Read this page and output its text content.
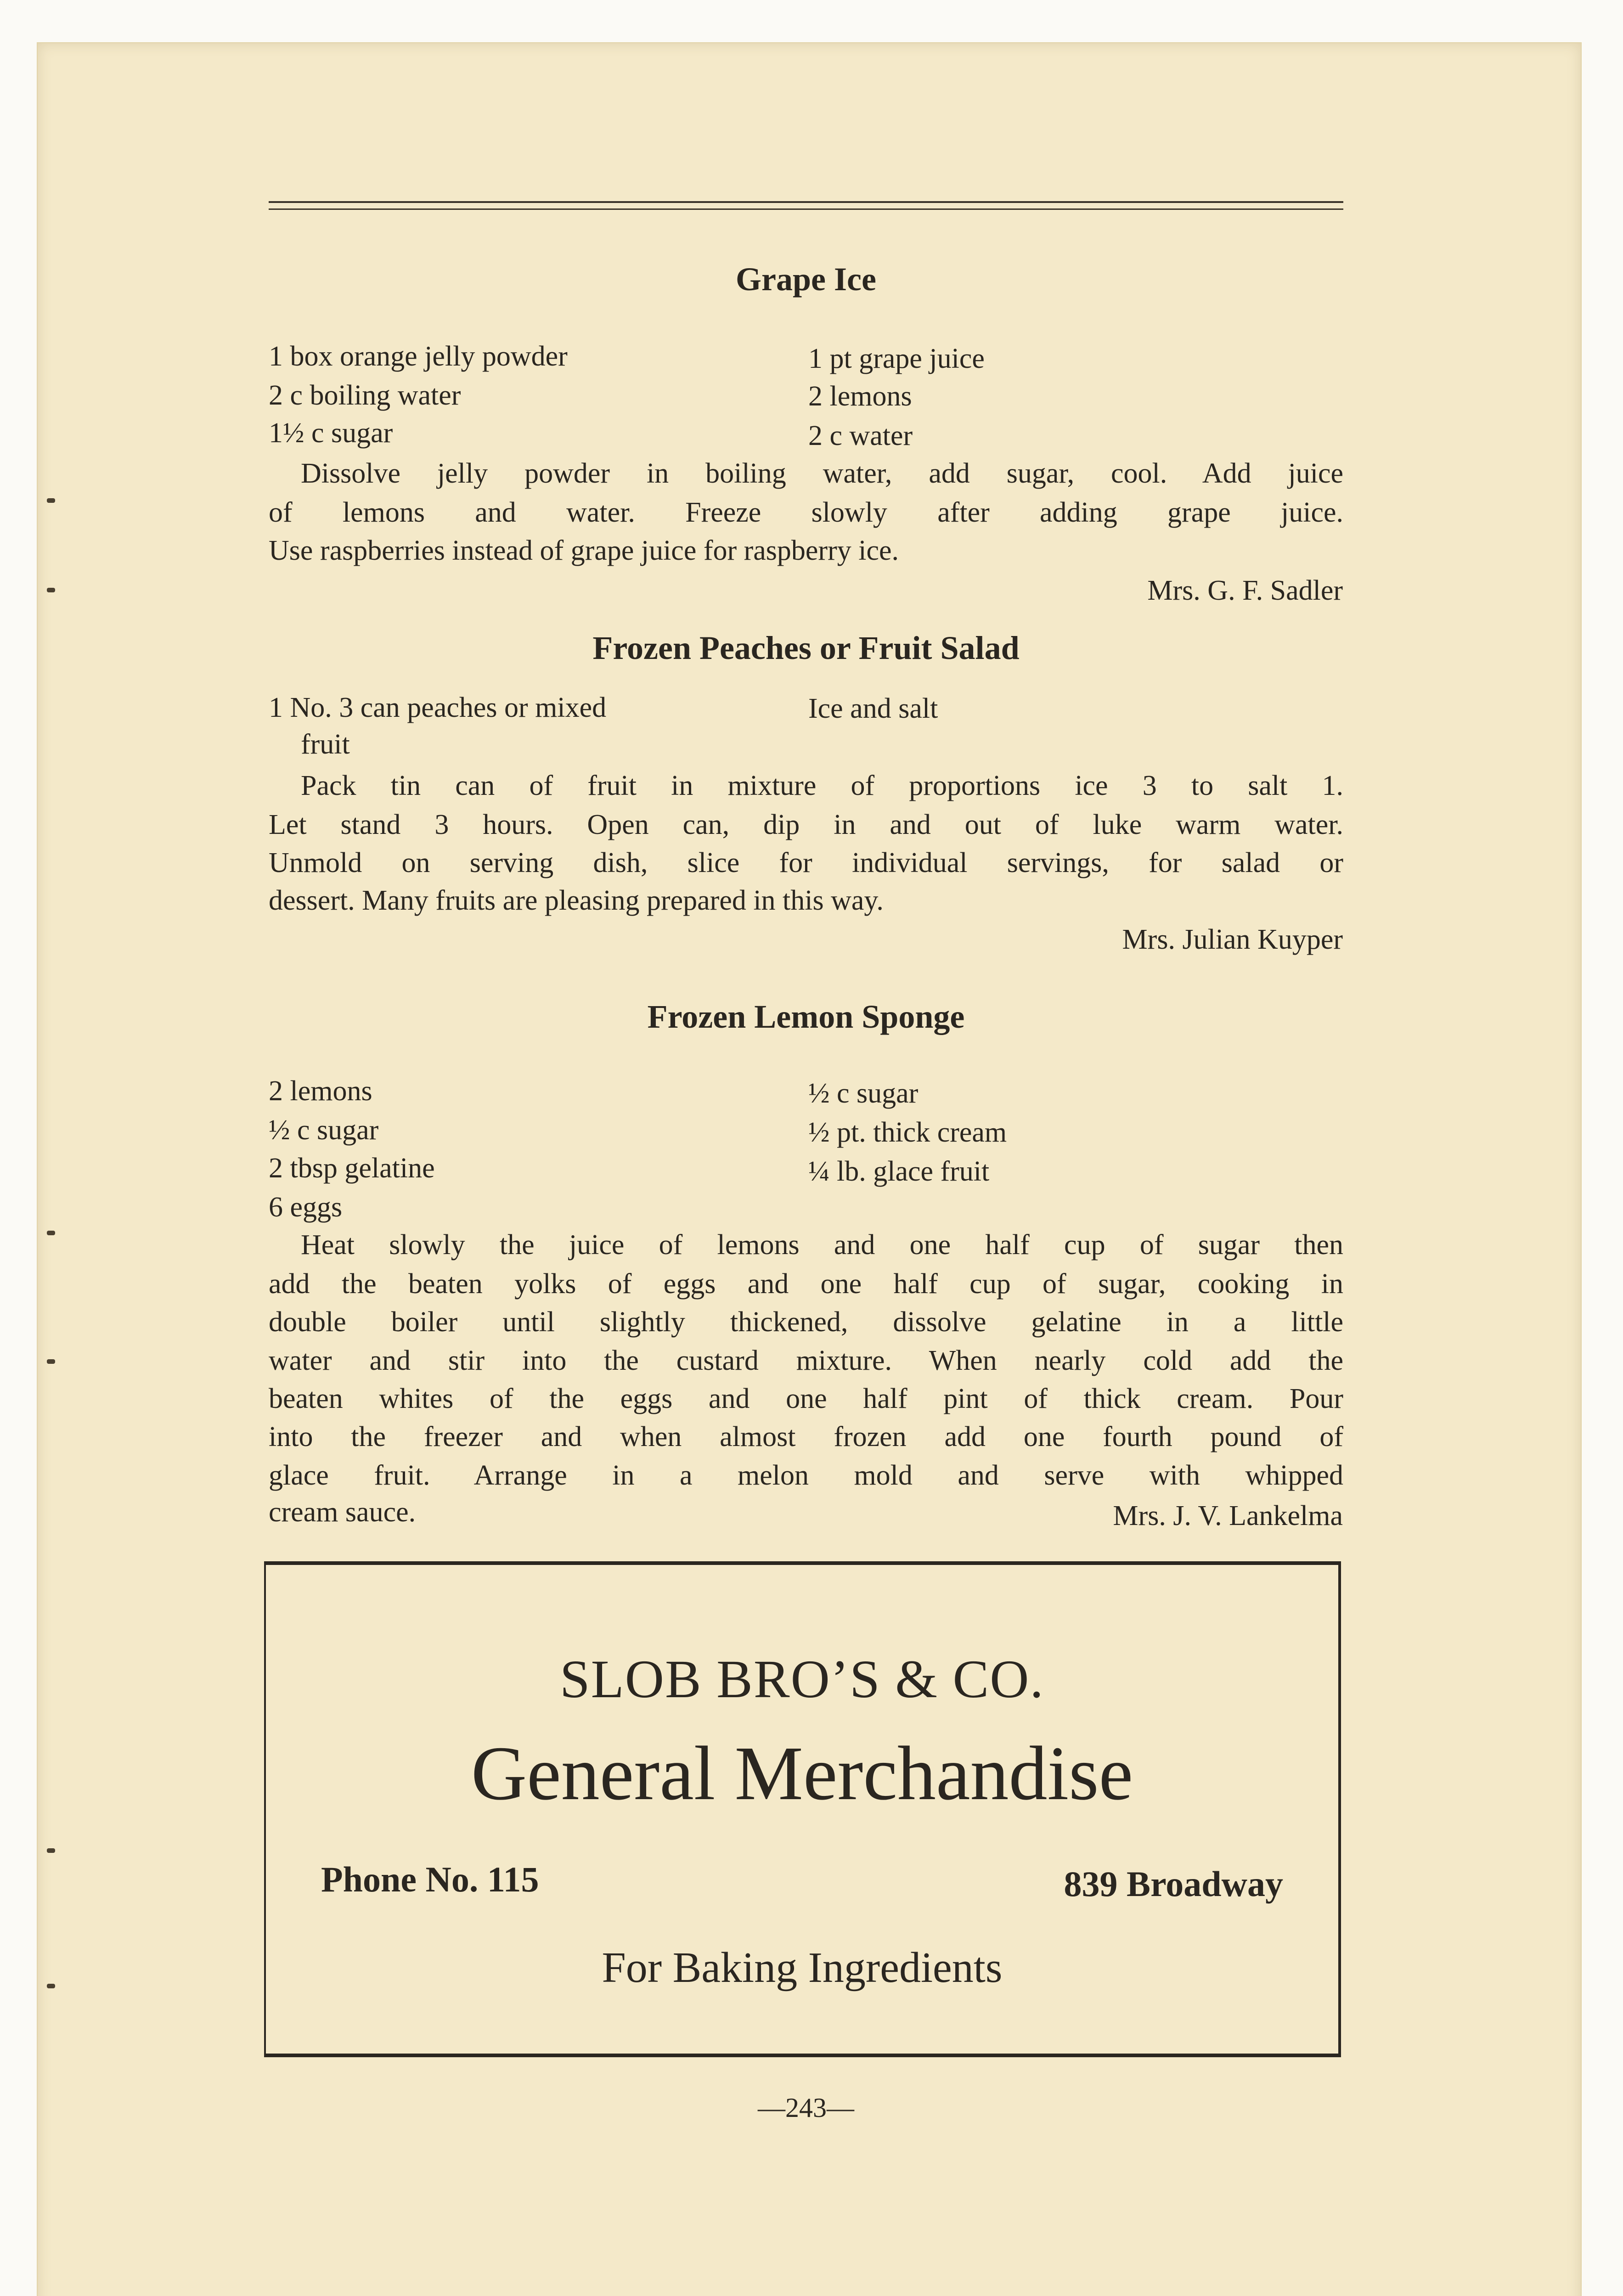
Grape Ice
1 box orange jelly powder
2 c boiling water
1½ c sugar
1 pt grape juice
2 lemons
2 c water
Dissolve jelly powder in boiling water, add sugar, cool. Add juice
of lemons and water. Freeze slowly after adding grape juice.
Use raspberries instead of grape juice for raspberry ice.
Mrs. G. F. Sadler
Frozen Peaches or Fruit Salad
1 No. 3 can peaches or mixed
fruit
Ice and salt
Pack tin can of fruit in mixture of proportions ice 3 to salt 1.
Let stand 3 hours. Open can, dip in and out of luke warm water.
Unmold on serving dish, slice for individual servings, for salad or
dessert. Many fruits are pleasing prepared in this way.
Mrs. Julian Kuyper
Frozen Lemon Sponge
2 lemons
½ c sugar
2 tbsp gelatine
6 eggs
½ c sugar
½ pt. thick cream
¼ lb. glace fruit
Heat slowly the juice of lemons and one half cup of sugar then
add the beaten yolks of eggs and one half cup of sugar, cooking in
double boiler until slightly thickened, dissolve gelatine in a little
water and stir into the custard mixture. When nearly cold add the
beaten whites of the eggs and one half pint of thick cream. Pour
into the freezer and when almost frozen add one fourth pound of
glace fruit. Arrange in a melon mold and serve with whipped
cream sauce.	Mrs. J. V. Lankelma
SLOB BRO’S & CO.
General Merchandise
Phone No. 115	839 Broadway
For Baking Ingredients
—243—
